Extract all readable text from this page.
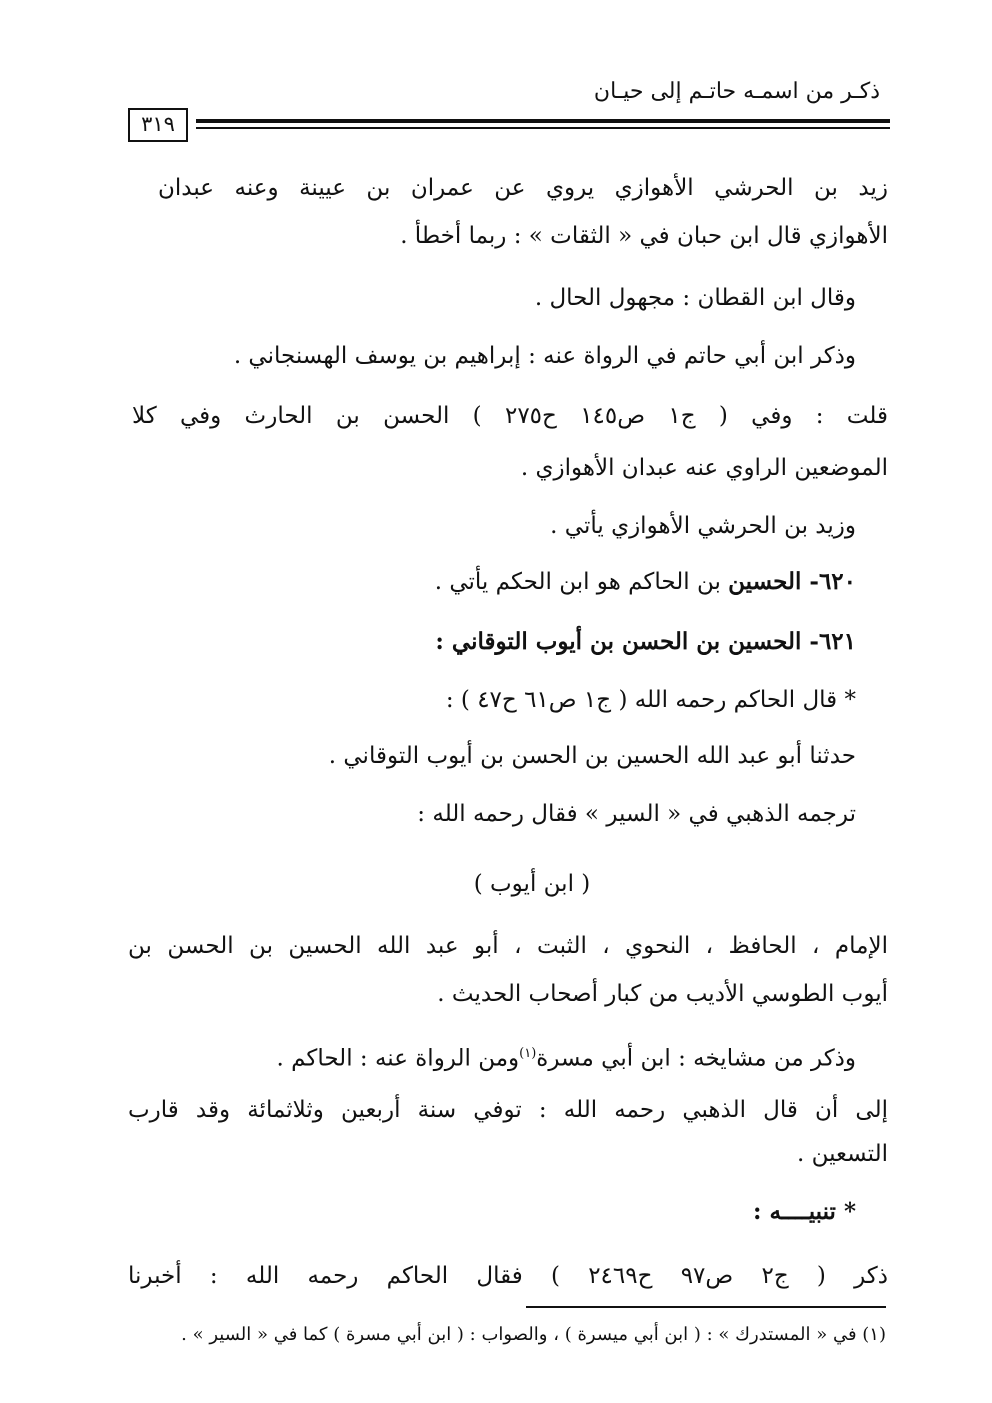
ذكـر من اسمـه حاتـم إلى حيـان
٣١٩
زيد بن الحرشي الأهوازي يروي عن عمران بن عيينة وعنه عبدان
الأهوازي قال ابن حبان في « الثقات » : ربما أخطأ .
وقال ابن القطان : مجهول الحال .
وذكر ابن أبي حاتم في الرواة عنه : إبراهيم بن يوسف الهسنجاني .
قلت : وفي ( ج١ ص١٤٥ ح٢٧٥ ) الحسن بن الحارث وفي كلا
الموضعين الراوي عنه عبدان الأهوازي .
وزيد بن الحرشي الأهوازي يأتي .
٦٢٠- الحسين بن الحاكم هو ابن الحكم يأتي .
٦٢١- الحسين بن الحسن بن أيوب التوقاني :
* قال الحاكم رحمه الله ( ج١ ص٦١ ح٤٧ ) :
حدثنا أبو عبد الله الحسين بن الحسن بن أيوب التوقاني .
ترجمه الذهبي في « السير » فقال رحمه الله :
( ابن أيوب )
الإمام ، الحافظ ، النحوي ، الثبت ، أبو عبد الله الحسين بن الحسن بن
أيوب الطوسي الأديب من كبار أصحاب الحديث .
وذكر من مشايخه : ابن أبي مسرة$^{(١)}$ومن الرواة عنه : الحاكم .
إلى أن قال الذهبي رحمه الله : توفي سنة أربعين وثلاثمائة وقد قارب
التسعين .
* تنبيــــه :
ذكر ( ج٢ ص٩٧ ح٢٤٦٩ ) فقال الحاكم رحمه الله : أخبرنا
(١) في « المستدرك » : ( ابن أبي ميسرة ) ، والصواب : ( ابن أبي مسرة ) كما في « السير » .
